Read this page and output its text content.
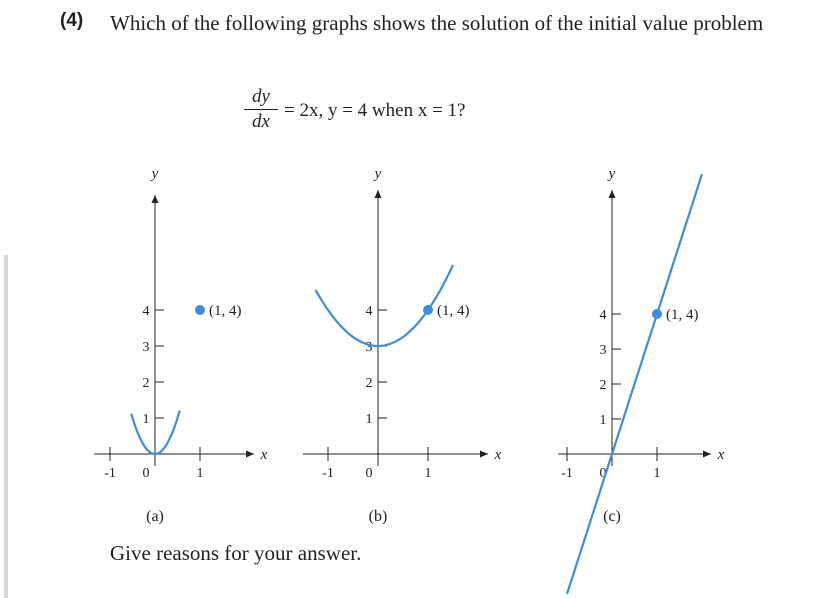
(4) Which of the following graphs shows the solution of the initial value problem
dy
dx
= 2x, y = 4 when x = 1?
x
y
-1 0	1
1
2
3
4	(1, 4)
(a)
x
y
-1 0	1
1
2
3
4	(1, 4)
(b)
x
y
-1 0	1
1
2
3
4	(1, 4)
(c)
Give reasons for your answer.
